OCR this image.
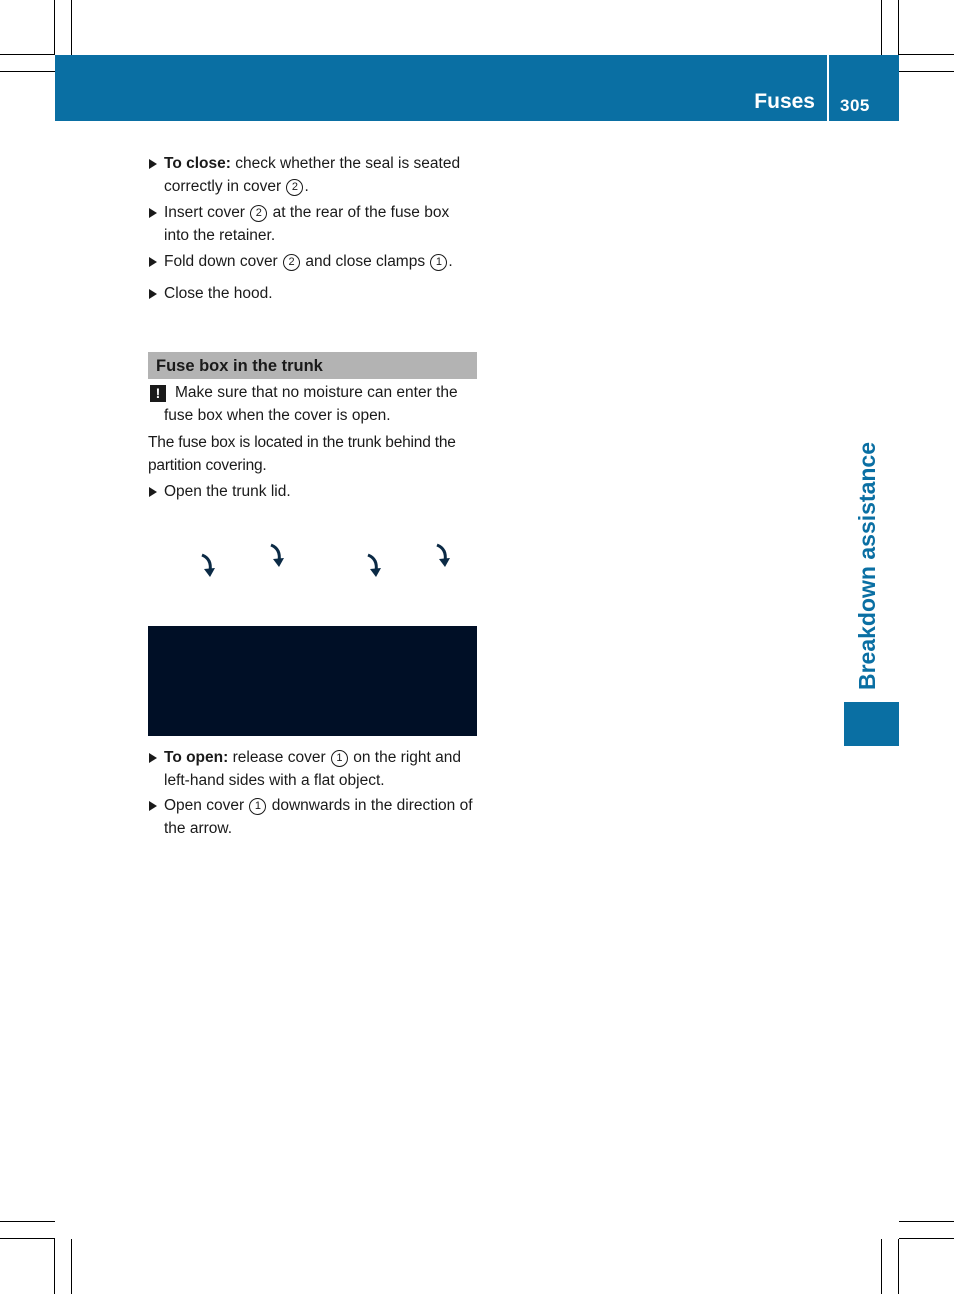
Fuses 305
Breakdown assistance
To close: check whether the seal is seated correctly in cover 2 .
Insert cover 2 at the rear of the fuse box into the retainer.
Fold down cover 2 and close clamps 1 .
Close the hood.
Fuse box in the trunk
! Make sure that no moisture can enter the fuse box when the cover is open.
The fuse box is located in the trunk behind the partition covering.
Open the trunk lid.
To open: release cover 1 on the right and left-hand sides with a flat object.
Open cover 1 downwards in the direction of the arrow.
